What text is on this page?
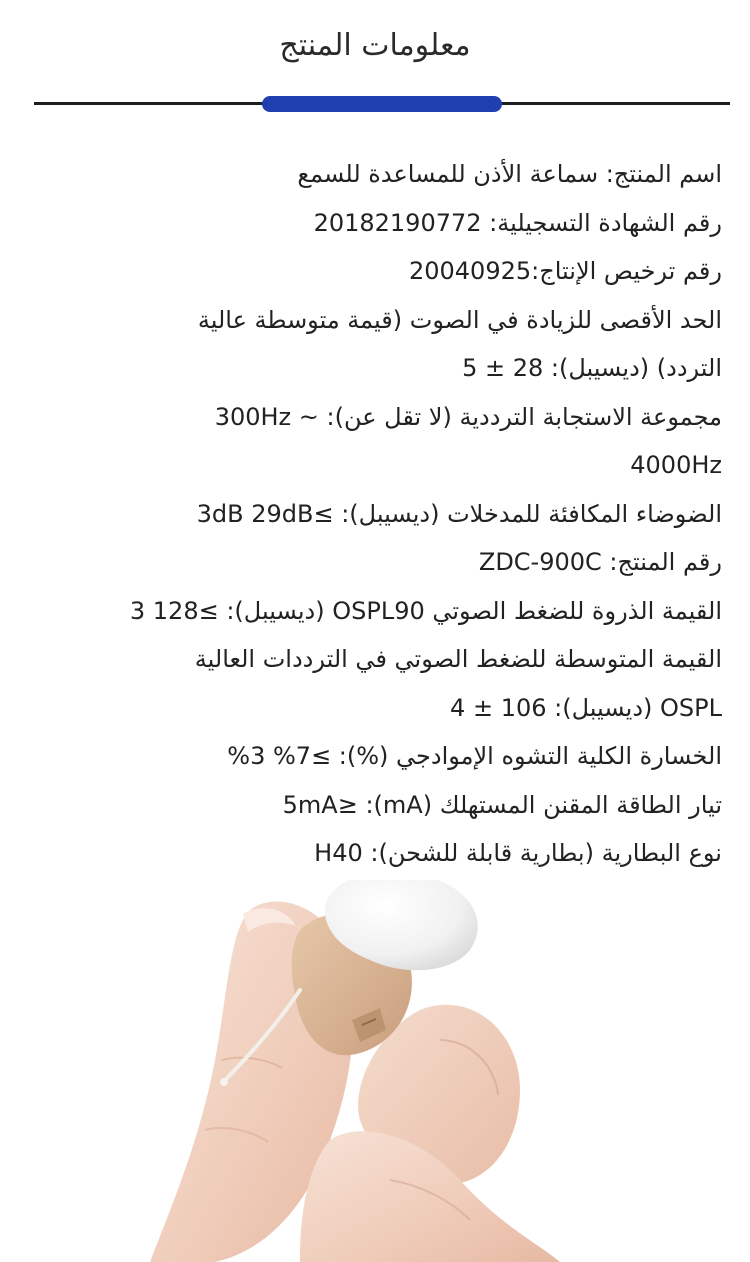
معلومات المنتج
اسم المنتج: سماعة الأذن للمساعدة للسمع
رقم الشهادة التسجيلية: 20182190772
رقم ترخيص الإنتاج:20040925
الحد الأقصى للزيادة في الصوت (قيمة متوسطة عالية
التردد) (ديسيبل): 28 ± 5
مجموعة الاستجابة الترددية (لا تقل عن): ~ 300Hz
4000Hz
الضوضاء المكافئة للمدخلات (ديسيبل): ≥3dB 29dB
رقم المنتج: ZDC-900C
القيمة الذروة للضغط الصوتي OSPL90 (ديسيبل): ≥128 3
القيمة المتوسطة للضغط الصوتي في الترددات العالية
OSPL (ديسيبل): 106 ± 4
الخسارة الكلية التشوه الإموادجي (%): ≥7% 3%
تيار الطاقة المقنن المستهلك (mA): ≤5mA
نوع البطارية (بطارية قابلة للشحن): H40
